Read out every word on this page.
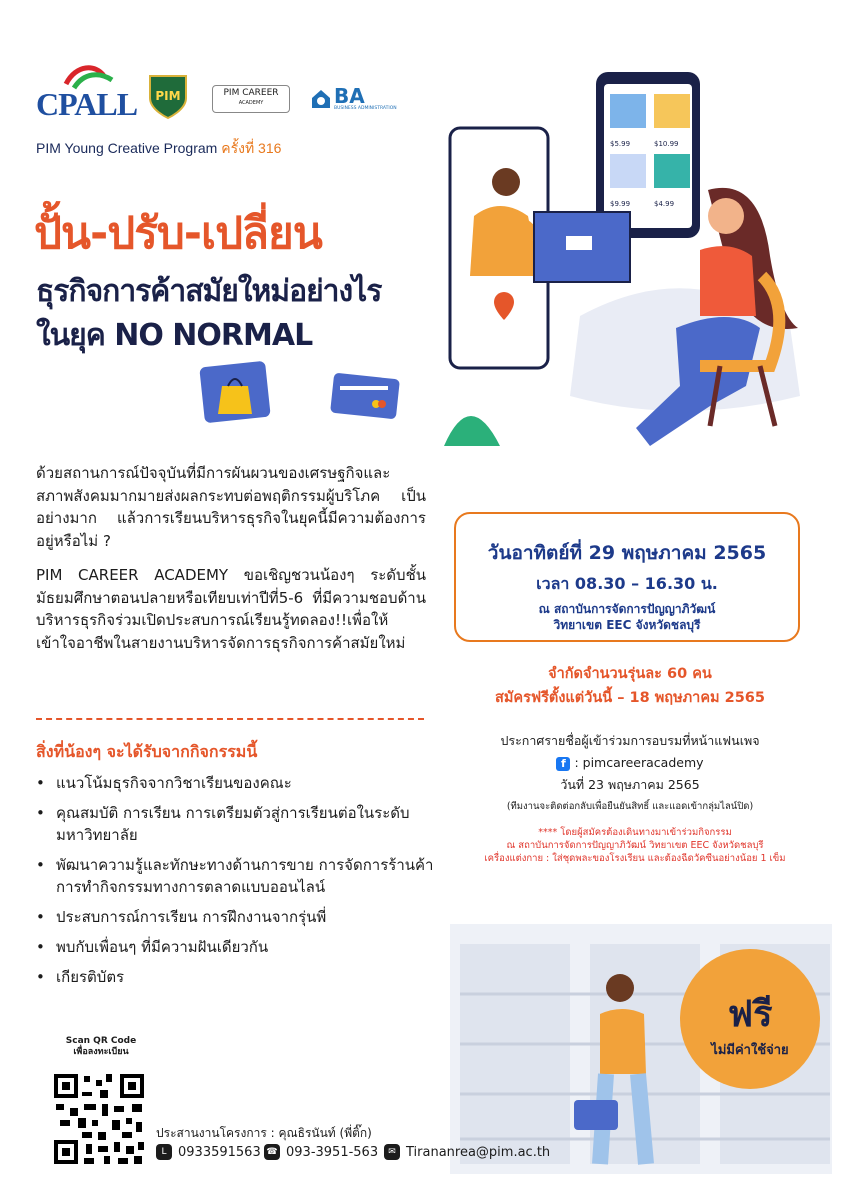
CPALL PIM	PIM CAREER
ACADEMY	BA
BUSINESS ADMINISTRATION
PIM Young Creative Program ครั้งที่ 316
ปั้น-ปรับ-เปลี่ยน
ธุรกิจการค้าสมัยใหม่อย่างไร
ในยุค NO NORMAL
$5.99	$10.99
$9.99	$4.99

ด้วยสถานการณ์ปัจจุบันที่มีการผันผวนของเศรษฐกิจและสภาพสังคมมากมายส่งผลกระทบต่อพฤติกรรมผู้บริโภค เป็นอย่างมาก แล้วการเรียนบริหารธุรกิจในยุคนี้มีความต้องการอยู่หรือไม่ ?

PIM CAREER ACADEMY ขอเชิญชวนน้องๆ ระดับชั้นมัธยมศึกษาตอนปลายหรือเทียบเท่าปีที่5-6 ที่มีความชอบด้านบริหารธุรกิจร่วมเปิดประสบการณ์เรียนรู้ทดลอง!!เพื่อให้เข้าใจอาชีพในสายงานบริหารจัดการธุรกิจการค้าสมัยใหม่

สิ่งที่น้องๆ จะได้รับจากกิจกรรมนี้
• แนวโน้มธุรกิจจากวิชาเรียนของคณะ
• คุณสมบัติ การเรียน การเตรียมตัวสู่การเรียนต่อในระดับมหาวิทยาลัย
• พัฒนาความรู้และทักษะทางด้านการขาย การจัดการร้านค้า การทำกิจกรรมทางการตลาดแบบออนไลน์
• ประสบการณ์การเรียน การฝึกงานจากรุ่นพี่
• พบกับเพื่อนๆ ที่มีความฝันเดียวกัน
• เกียรติบัตร
วันอาทิตย์ที่ 29 พฤษภาคม 2565
เวลา 08.30 – 16.30 น.
ณ สถาบันการจัดการปัญญาภิวัฒน์
วิทยาเขต EEC จังหวัดชลบุรี
จำกัดจำนวนรุ่นละ 60 คน
สมัครฟรีตั้งแต่วันนี้ – 18 พฤษภาคม 2565
ประกาศรายชื่อผู้เข้าร่วมการอบรมที่หน้าแฟนเพจ
f : pimcareeracademy
วันที่ 23 พฤษภาคม 2565
(ทีมงานจะติดต่อกลับเพื่อยืนยันสิทธิ์ และแอดเข้ากลุ่มไลน์ปิด)
**** โดยผู้สมัครต้องเดินทางมาเข้าร่วมกิจกรรม
ณ สถาบันการจัดการปัญญาภิวัฒน์ วิทยาเขต EEC จังหวัดชลบุรี
เครื่องแต่งกาย : ใส่ชุดพละของโรงเรียน และต้องฉีดวัคซีนอย่างน้อย 1 เข็ม
ฟรี
ไม่มีค่าใช้จ่าย
Scan QR Code
เพื่อลงทะเบียน
ประสานงานโครงการ : คุณธิรนันท์ (พี่ติ๊ก)
L 0933591563 ☎ 093-3951-563	✉ Tirananrea@pim.ac.th
